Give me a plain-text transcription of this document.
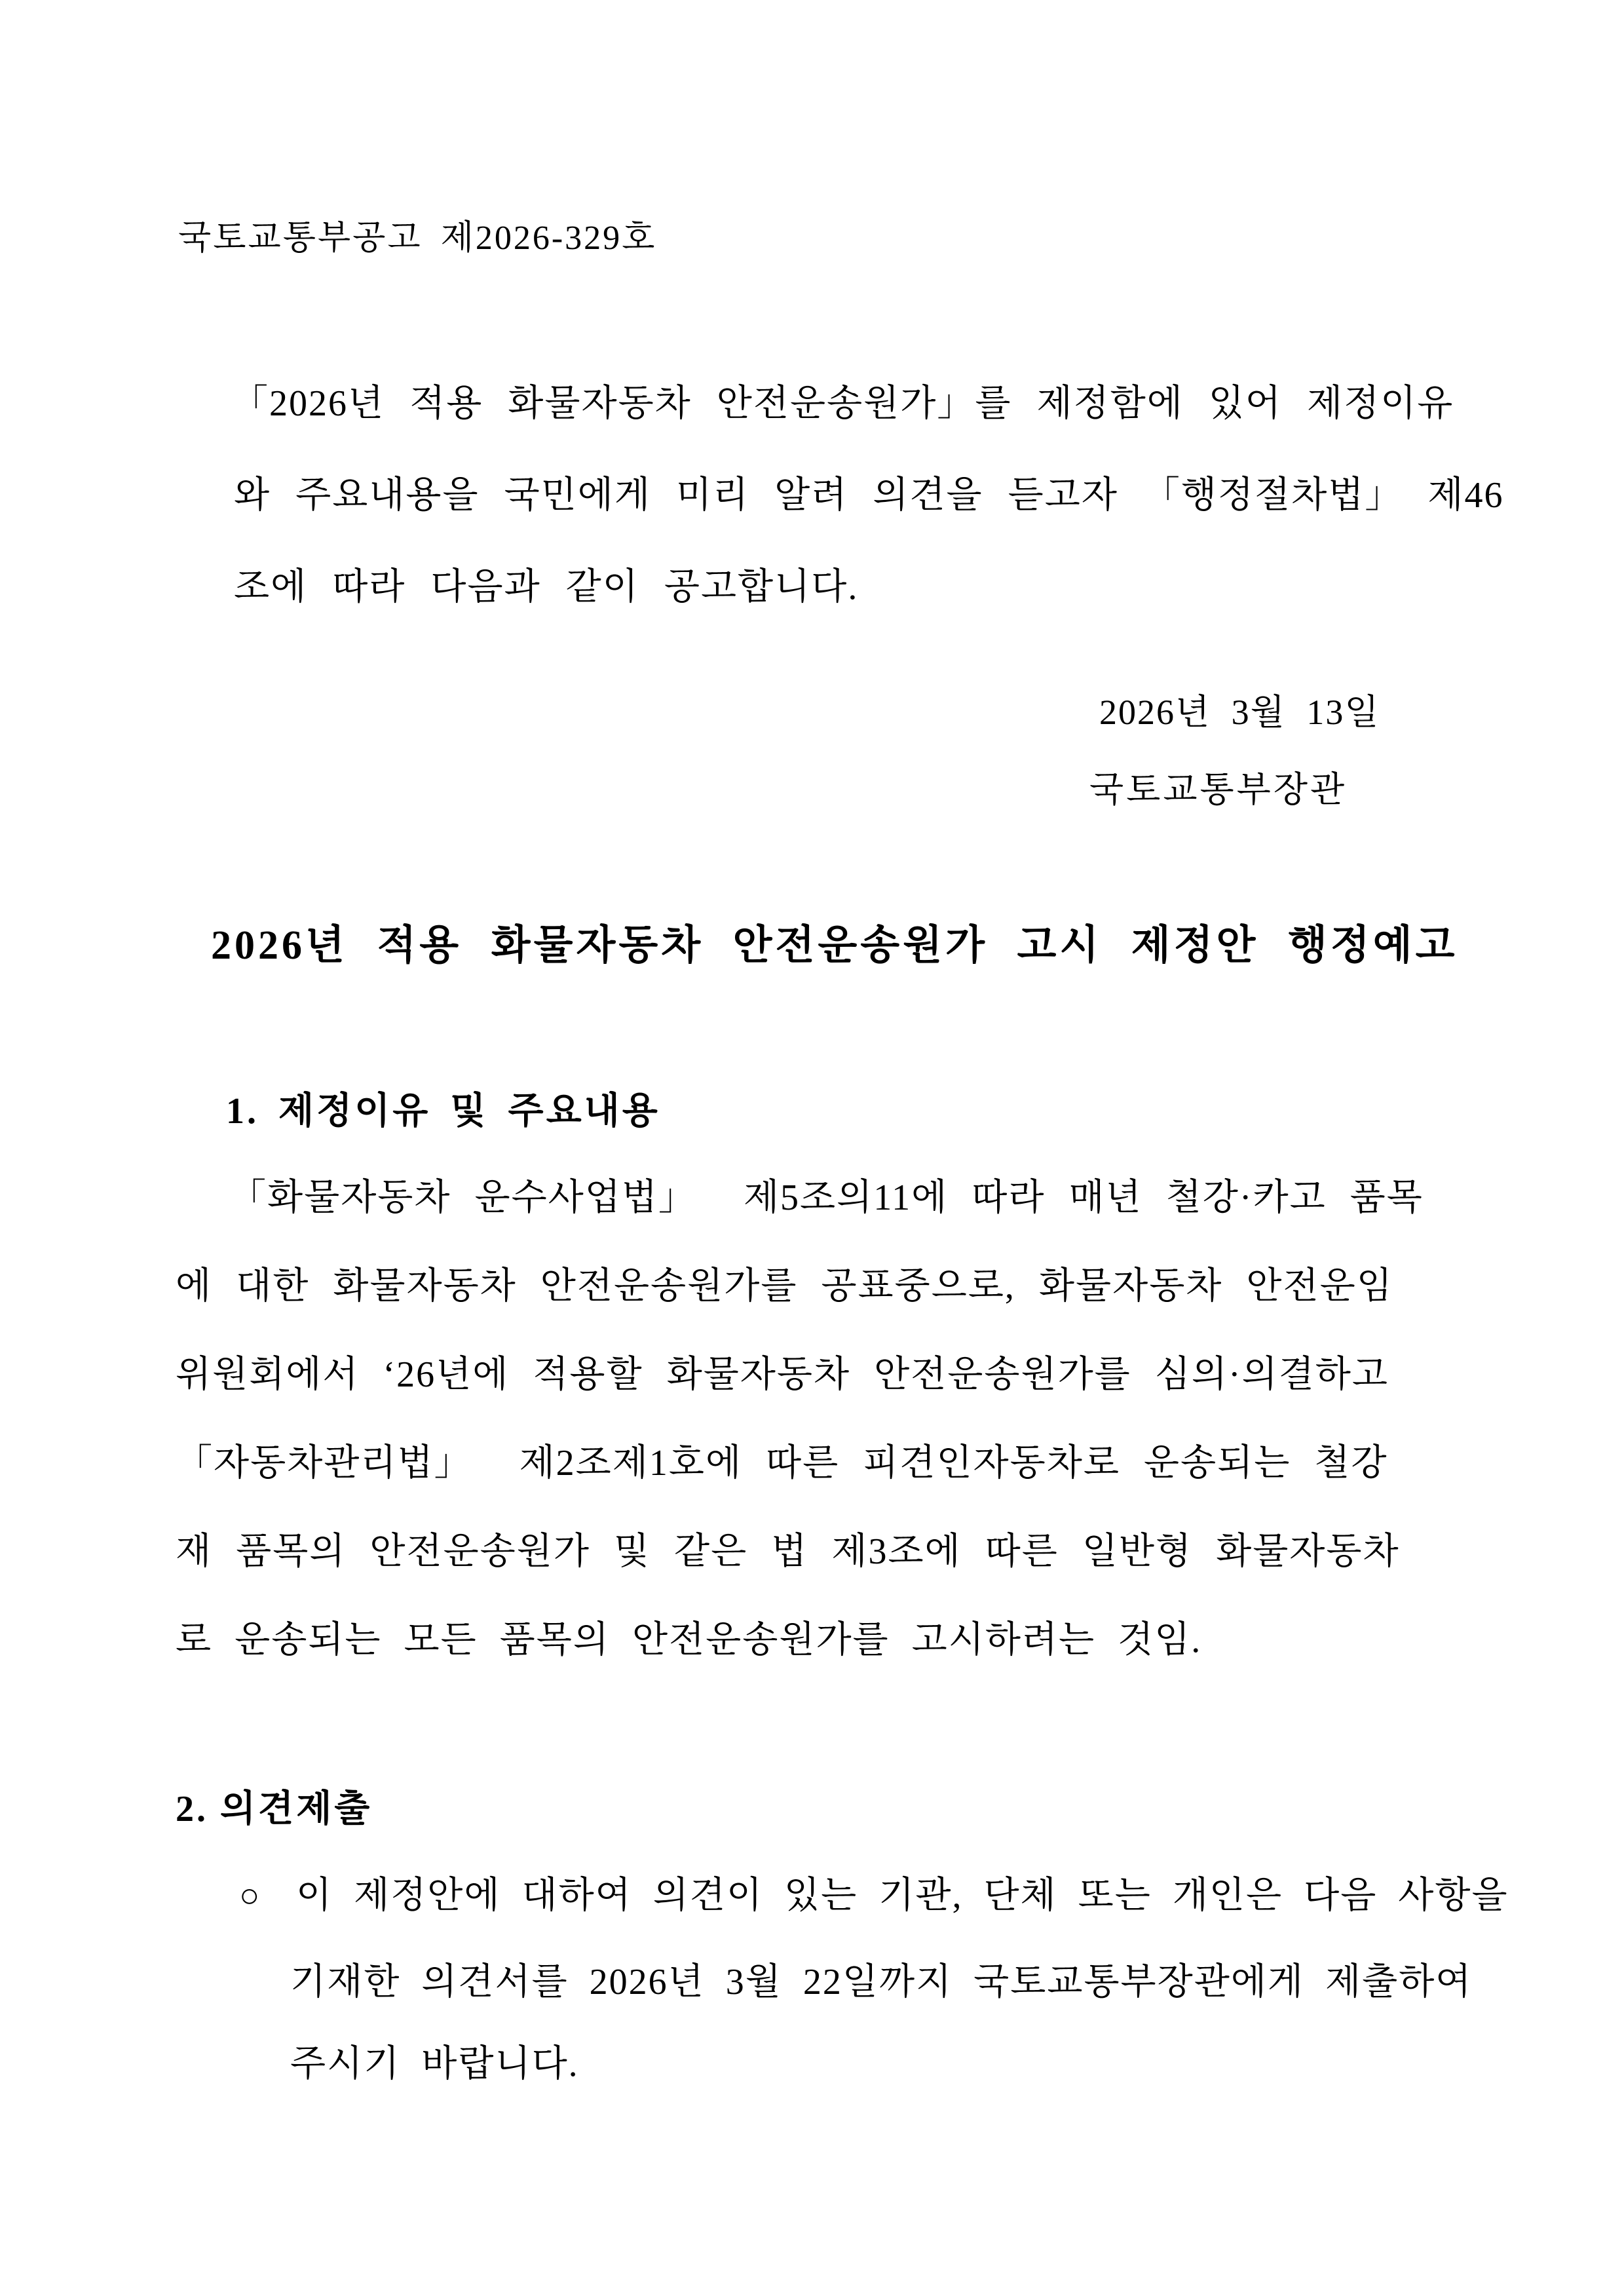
국토교통부공고 제2026-329호
「2026년 적용 화물자동차 안전운송원가」를 제정함에 있어 제정이유
와 주요내용을 국민에게 미리 알려 의견을 듣고자 「행정절차법」 제46
조에 따라 다음과 같이 공고합니다.
2026년 3월 13일
국토교통부장관
2026년 적용 화물자동차 안전운송원가 고시 제정안 행정예고
1. 제정이유 및 주요내용
「화물자동차 운수사업법」  제5조의11에 따라 매년 철강·카고 품목
에 대한 화물자동차 안전운송원가를 공표중으로, 화물자동차 안전운임
위원회에서 ‘26년에 적용할 화물자동차 안전운송원가를 심의·의결하고
「자동차관리법」  제2조제1호에 따른 피견인자동차로 운송되는 철강
재 품목의 안전운송원가 및 같은 법 제3조에 따른 일반형 화물자동차
로 운송되는 모든 품목의 안전운송원가를 고시하려는 것임.
2. 의견제출
○ 이 제정안에 대하여 의견이 있는 기관, 단체 또는 개인은 다음 사항을
기재한 의견서를 2026년 3월 22일까지 국토교통부장관에게 제출하여
주시기 바랍니다.
